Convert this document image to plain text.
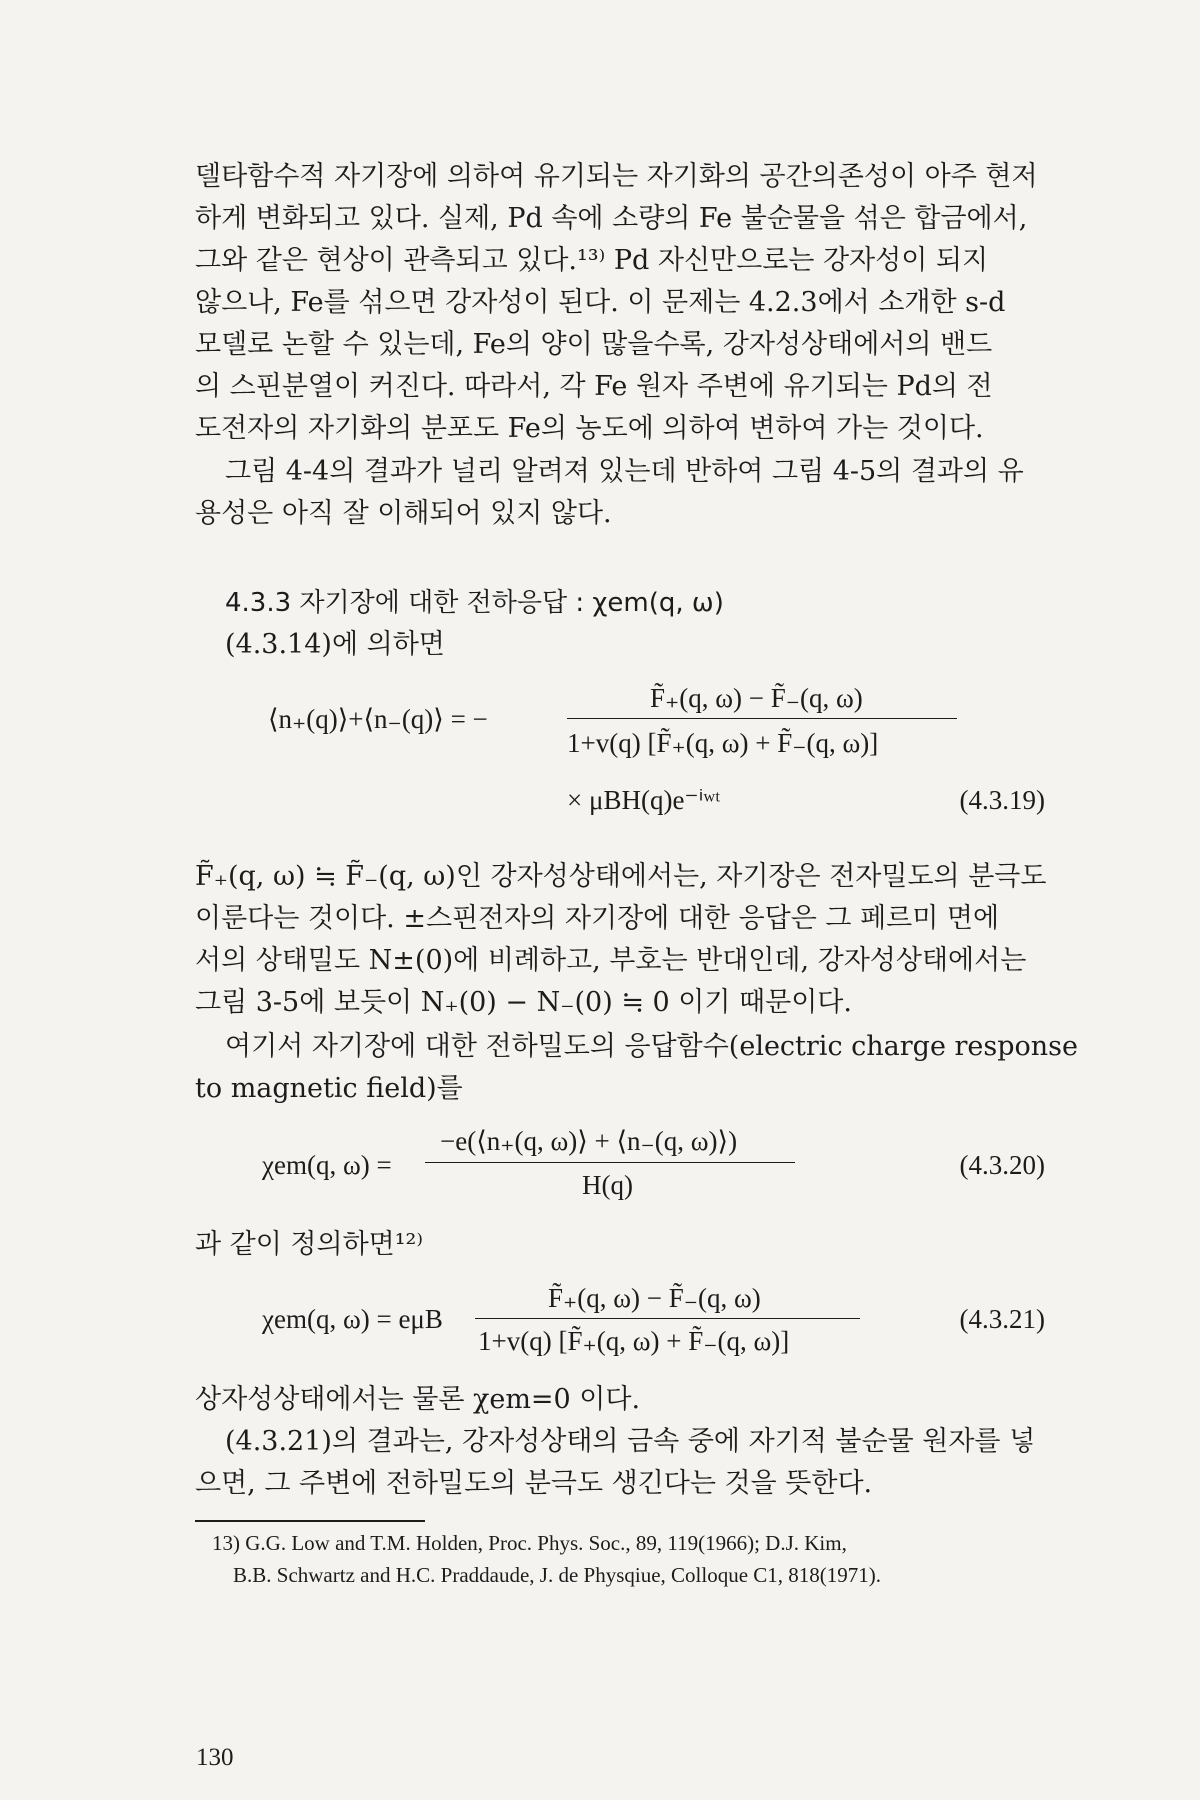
델타함수적 자기장에 의하여 유기되는 자기화의 공간의존성이 아주 현저
하게 변화되고 있다. 실제, Pd 속에 소량의 Fe 불순물을 섞은 합금에서,
그와 같은 현상이 관측되고 있다.¹³⁾ Pd 자신만으로는 강자성이 되지
않으나, Fe를 섞으면 강자성이 된다. 이 문제는 4.2.3에서 소개한 s-d
모델로 논할 수 있는데, Fe의 양이 많을수록, 강자성상태에서의 밴드
의 스핀분열이 커진다. 따라서, 각 Fe 원자 주변에 유기되는 Pd의 전
도전자의 자기화의 분포도 Fe의 농도에 의하여 변하여 가는 것이다.
그림 4-4의 결과가 널리 알려져 있는데 반하여 그림 4-5의 결과의 유
용성은 아직 잘 이해되어 있지 않다.
4.3.3 자기장에 대한 전하응답 : χem(q, ω)
(4.3.14)에 의하면
⟨n₊(q)⟩+⟨n₋(q)⟩ = −
F̃₊(q, ω) − F̃₋(q, ω)
1+v(q) [F̃₊(q, ω) + F̃₋(q, ω)]
× μBH(q)e⁻ⁱʷᵗ	(4.3.19)
F̃₊(q, ω) ≒ F̃₋(q, ω)인 강자성상태에서는, 자기장은 전자밀도의 분극도
이룬다는 것이다. ±스핀전자의 자기장에 대한 응답은 그 페르미 면에
서의 상태밀도 N±(0)에 비례하고, 부호는 반대인데, 강자성상태에서는
그림 3-5에 보듯이 N₊(0) − N₋(0) ≒ 0 이기 때문이다.
여기서 자기장에 대한 전하밀도의 응답함수(electric charge response
to magnetic field)를
χem(q, ω) =
−e(⟨n₊(q, ω)⟩ + ⟨n₋(q, ω)⟩)
H(q)
(4.3.20)
과 같이 정의하면¹²⁾
χem(q, ω) = eμB
F̃₊(q, ω) − F̃₋(q, ω)
1+v(q) [F̃₊(q, ω) + F̃₋(q, ω)]
(4.3.21)
상자성상태에서는 물론 χem=0 이다.
(4.3.21)의 결과는, 강자성상태의 금속 중에 자기적 불순물 원자를 넣
으면, 그 주변에 전하밀도의 분극도 생긴다는 것을 뜻한다.
13) G.G. Low and T.M. Holden, Proc. Phys. Soc., 89, 119(1966); D.J. Kim,
B.B. Schwartz and H.C. Praddaude, J. de Physqiue, Colloque C1, 818(1971).
130
